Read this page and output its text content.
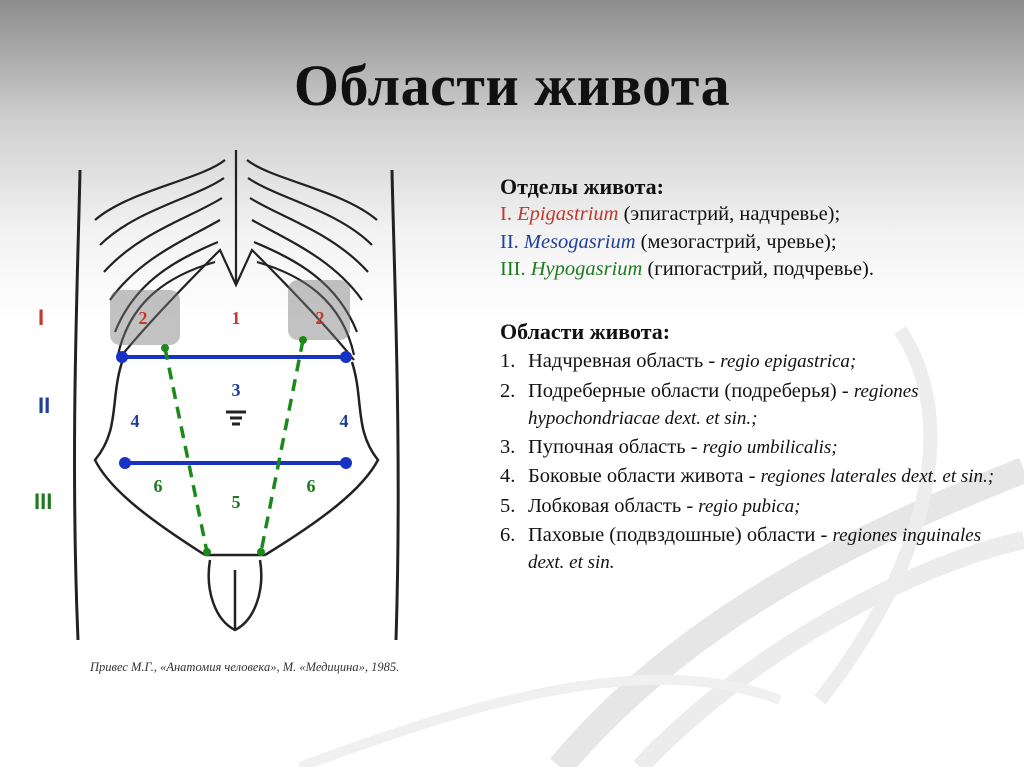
Области живота
1
2	2
3
4	4
5
6	6
I
II
III
Привес М.Г., «Анатомия человека», М. «Медицина», 1985.
Отделы живота:
I. Epigastrium (эпигастрий, надчревье);
II. Mesogasrium (мезогастрий, чревье);
III. Hypogasrium (гипогастрий, подчревье).
Области живота:
1. Надчревная область - regio epigastrica;
2. Подреберные области (подреберья) - regiones hypochondriacae dext. et sin.;
3. Пупочная область - regio umbilicalis;
4. Боковые области живота - regiones laterales dext. et sin.;
5. Лобковая область - regio pubica;
6. Паховые (подвздошные) области - regiones inguinales dext. et sin.
